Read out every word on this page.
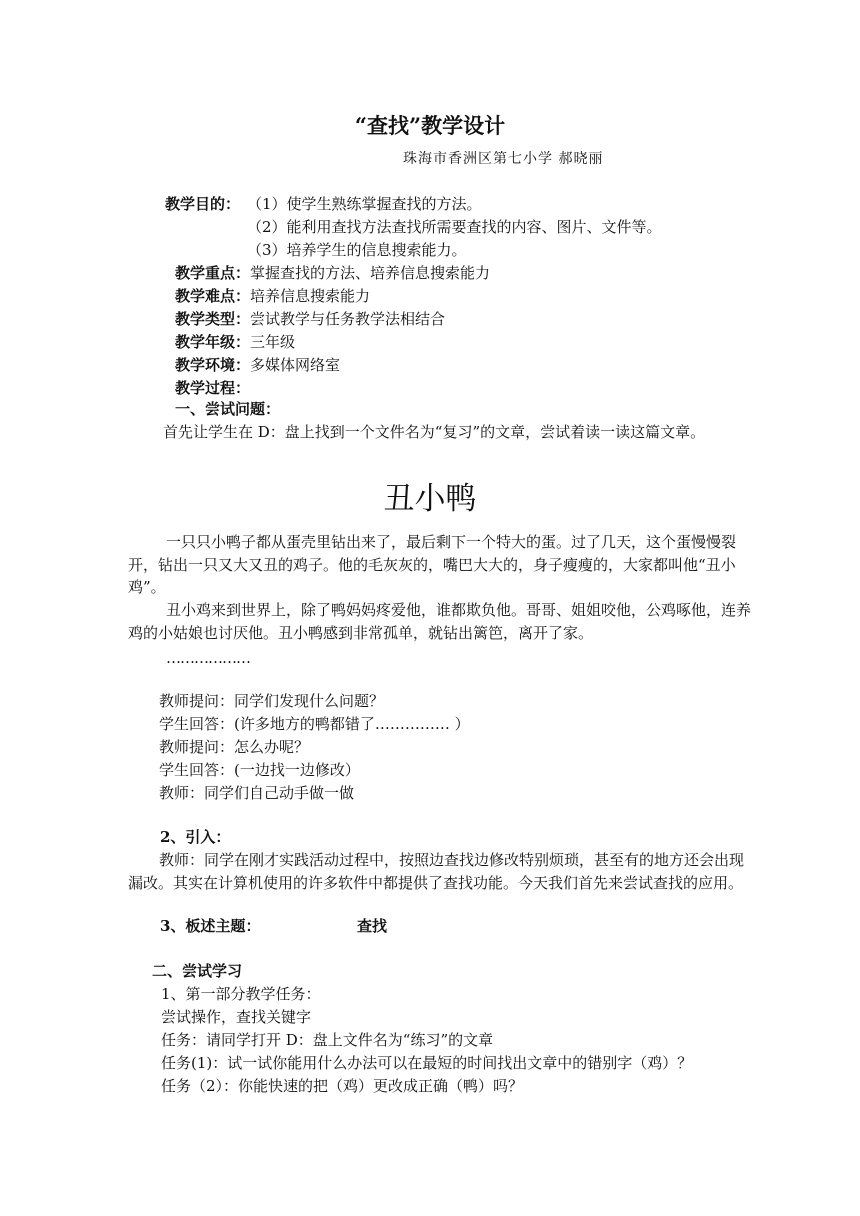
“查找”教学设计
珠海市香洲区第七小学 郝晓丽
教学目的： （1）使学生熟练掌握查找的方法。
（2）能利用查找方法查找所需要查找的内容、图片、文件等。
（3）培养学生的信息搜索能力。
教学重点：掌握查找的方法、培养信息搜索能力
教学难点：培养信息搜索能力
教学类型：尝试教学与任务教学法相结合
教学年级：三年级
教学环境：多媒体网络室
教学过程：
一、尝试问题：
首先让学生在 D：盘上找到一个文件名为“复习”的文章，尝试着读一读这篇文章。
丑小鸭
一只只小鸭子都从蛋壳里钻出来了，最后剩下一个特大的蛋。过了几天，这个蛋慢慢裂开，钻出一只又大又丑的鸡子。他的毛灰灰的，嘴巴大大的，身子瘦瘦的，大家都叫他“丑小鸡”。
丑小鸡来到世界上，除了鸭妈妈疼爱他，谁都欺负他。哥哥、姐姐咬他，公鸡啄他，连养鸡的小姑娘也讨厌他。丑小鸭感到非常孤单，就钻出篱笆，离开了家。
………………
教师提问：同学们发现什么问题？
学生回答：(许多地方的鸭都错了…………… ）
教师提问：怎么办呢？
学生回答：(一边找一边修改）
教师：同学们自己动手做一做
2、引入：
教师：同学在刚才实践活动过程中，按照边查找边修改特别烦琐，甚至有的地方还会出现漏改。其实在计算机使用的许多软件中都提供了查找功能。今天我们首先来尝试查找的应用。
3、板述主题：	查找
二、尝试学习
1、第一部分教学任务：
尝试操作，查找关键字
任务：请同学打开 D：盘上文件名为“练习”的文章
任务(1)：试一试你能用什么办法可以在最短的时间找出文章中的错别字（鸡）？
任务（2）：你能快速的把（鸡）更改成正确（鸭）吗？
